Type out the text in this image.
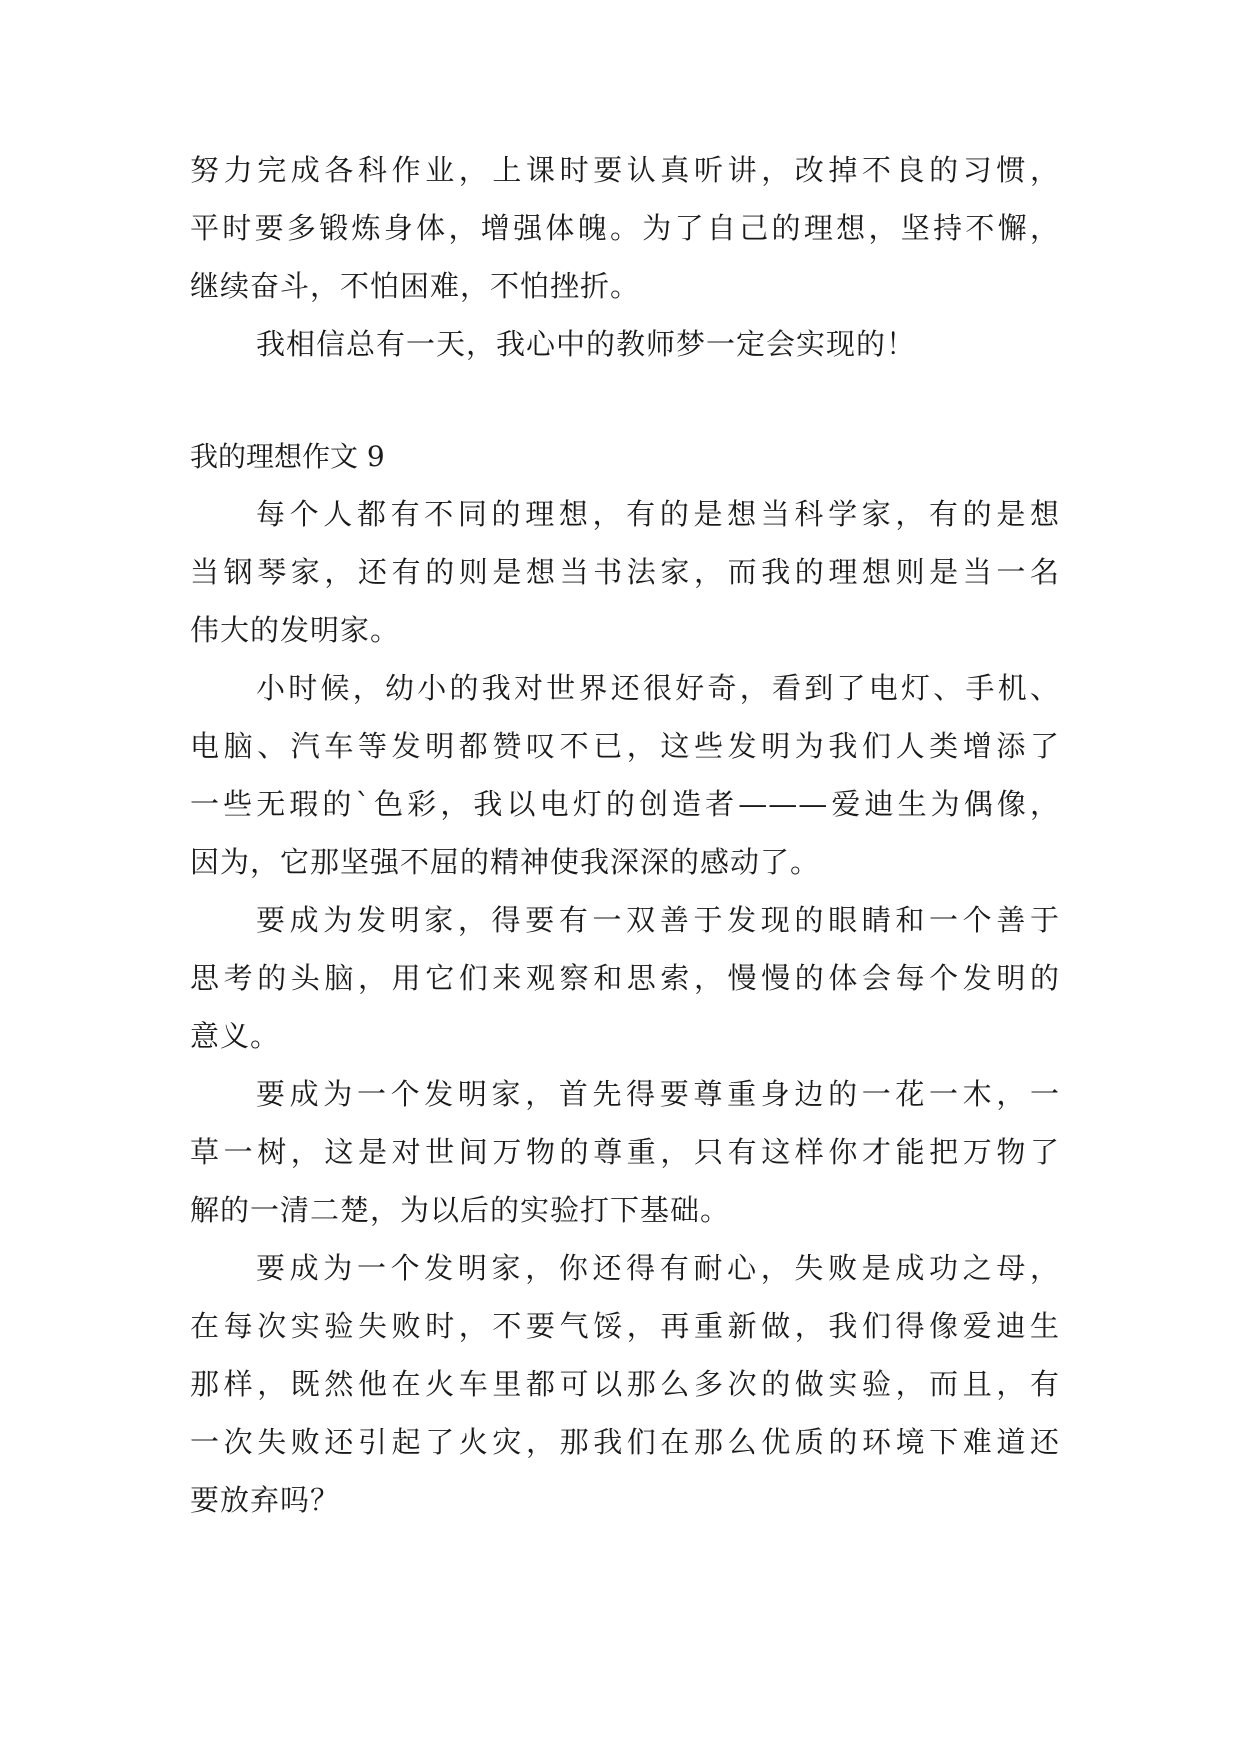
努力完成各科作业，上课时要认真听讲，改掉不良的习惯，
平时要多锻炼身体，增强体魄。为了自己的理想，坚持不懈，
继续奋斗，不怕困难，不怕挫折。
我相信总有一天，我心中的教师梦一定会实现的！
我的理想作文 9
每个人都有不同的理想，有的是想当科学家，有的是想
当钢琴家，还有的则是想当书法家，而我的理想则是当一名
伟大的发明家。
小时候，幼小的我对世界还很好奇，看到了电灯、手机、
电脑、汽车等发明都赞叹不已，这些发明为我们人类增添了
一些无瑕的`色彩，我以电灯的创造者———爱迪生为偶像，
因为，它那坚强不屈的精神使我深深的感动了。
要成为发明家，得要有一双善于发现的眼睛和一个善于
思考的头脑，用它们来观察和思索，慢慢的体会每个发明的
意义。
要成为一个发明家，首先得要尊重身边的一花一木，一
草一树，这是对世间万物的尊重，只有这样你才能把万物了
解的一清二楚，为以后的实验打下基础。
要成为一个发明家，你还得有耐心，失败是成功之母，
在每次实验失败时，不要气馁，再重新做，我们得像爱迪生
那样，既然他在火车里都可以那么多次的做实验，而且，有
一次失败还引起了火灾，那我们在那么优质的环境下难道还
要放弃吗？
